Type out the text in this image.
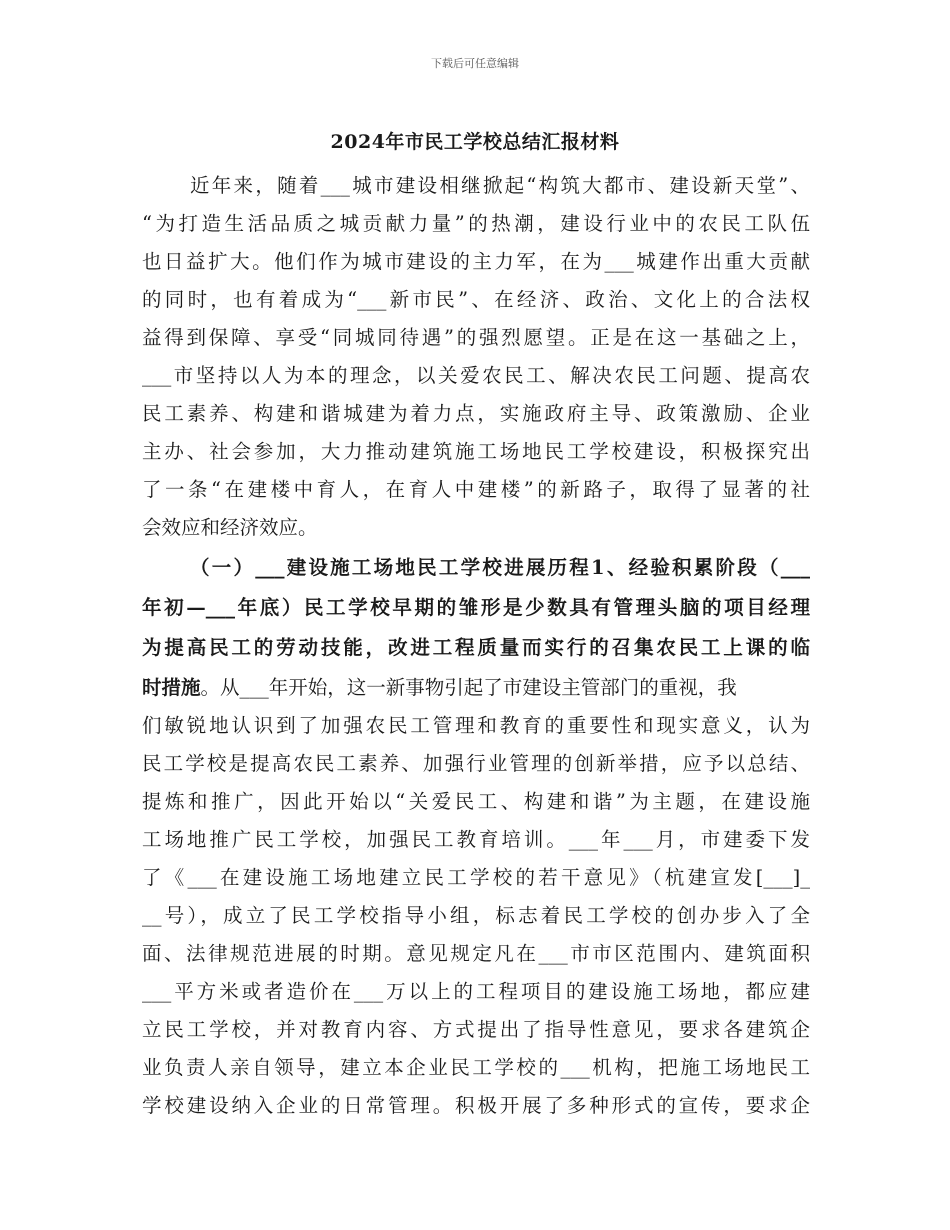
下载后可任意编辑
2024年市民工学校总结汇报材料
近年来，随着___城市建设相继掀起“构筑大都市、建设新天堂”、
“为打造生活品质之城贡献力量”的热潮，建设行业中的农民工队伍
也日益扩大。他们作为城市建设的主力军，在为___城建作出重大贡献
的同时，也有着成为“___新市民”、在经济、政治、文化上的合法权
益得到保障、享受“同城同待遇”的强烈愿望。正是在这一基础之上，
___市坚持以人为本的理念，以关爱农民工、解决农民工问题、提高农
民工素养、构建和谐城建为着力点，实施政府主导、政策激励、企业
主办、社会参加，大力推动建筑施工场地民工学校建设，积极探究出
了一条“在建楼中育人，在育人中建楼”的新路子，取得了显著的社
会效应和经济效应。
（一）___建设施工场地民工学校进展历程1、经验积累阶段（___
年初—___年底）民工学校早期的雏形是少数具有管理头脑的项目经理
为提高民工的劳动技能，改进工程质量而实行的召集农民工上课的临
时措施。从___年开始，这一新事物引起了市建设主管部门的重视，我
们敏锐地认识到了加强农民工管理和教育的重要性和现实意义，认为
民工学校是提高农民工素养、加强行业管理的创新举措，应予以总结、
提炼和推广，因此开始以“关爱民工、构建和谐”为主题，在建设施
工场地推广民工学校，加强民工教育培训。___年___月，市建委下发
了《___在建设施工场地建立民工学校的若干意见》（杭建宣发[___]_
__号），成立了民工学校指导小组，标志着民工学校的创办步入了全
面、法律规范进展的时期。意见规定凡在___市市区范围内、建筑面积
___平方米或者造价在___万以上的工程项目的建设施工场地，都应建
立民工学校，并对教育内容、方式提出了指导性意见，要求各建筑企
业负责人亲自领导，建立本企业民工学校的___机构，把施工场地民工
学校建设纳入企业的日常管理。积极开展了多种形式的宣传，要求企
